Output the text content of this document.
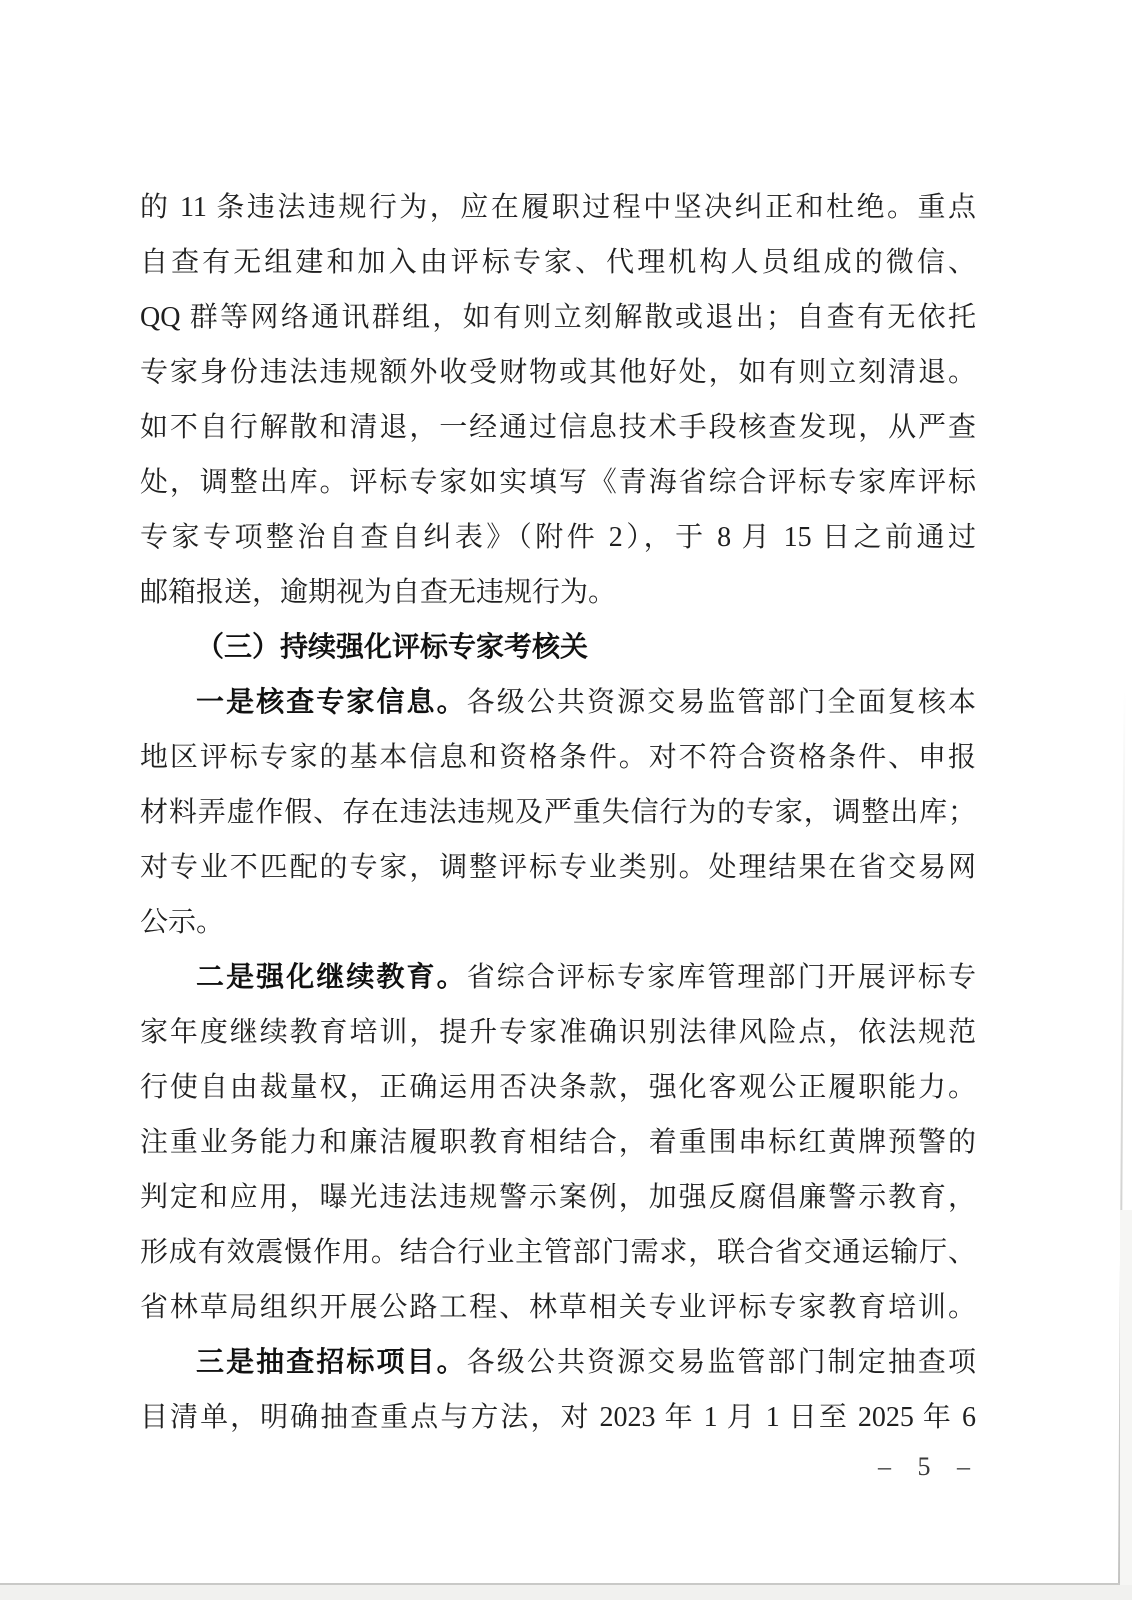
的 11 条违法违规行为，应在履职过程中坚决纠正和杜绝。重点
自查有无组建和加入由评标专家、代理机构人员组成的微信、
QQ 群等网络通讯群组，如有则立刻解散或退出；自查有无依托
专家身份违法违规额外收受财物或其他好处，如有则立刻清退。
如不自行解散和清退，一经通过信息技术手段核查发现，从严查
处，调整出库。评标专家如实填写《青海省综合评标专家库评标
专家专项整治自查自纠表》（附件 2），于 8 月 15 日之前通过
邮箱报送，逾期视为自查无违规行为。
（三）持续强化评标专家考核关
一是核查专家信息。各级公共资源交易监管部门全面复核本
地区评标专家的基本信息和资格条件。对不符合资格条件、申报
材料弄虚作假、存在违法违规及严重失信行为的专家，调整出库；
对专业不匹配的专家，调整评标专业类别。处理结果在省交易网
公示。
二是强化继续教育。省综合评标专家库管理部门开展评标专
家年度继续教育培训，提升专家准确识别法律风险点，依法规范
行使自由裁量权，正确运用否决条款，强化客观公正履职能力。
注重业务能力和廉洁履职教育相结合，着重围串标红黄牌预警的
判定和应用，曝光违法违规警示案例，加强反腐倡廉警示教育，
形成有效震慑作用。结合行业主管部门需求，联合省交通运输厅、
省林草局组织开展公路工程、林草相关专业评标专家教育培训。
三是抽查招标项目。各级公共资源交易监管部门制定抽查项
目清单，明确抽查重点与方法，对 2023 年 1 月 1 日至 2025 年 6
– 5 –
